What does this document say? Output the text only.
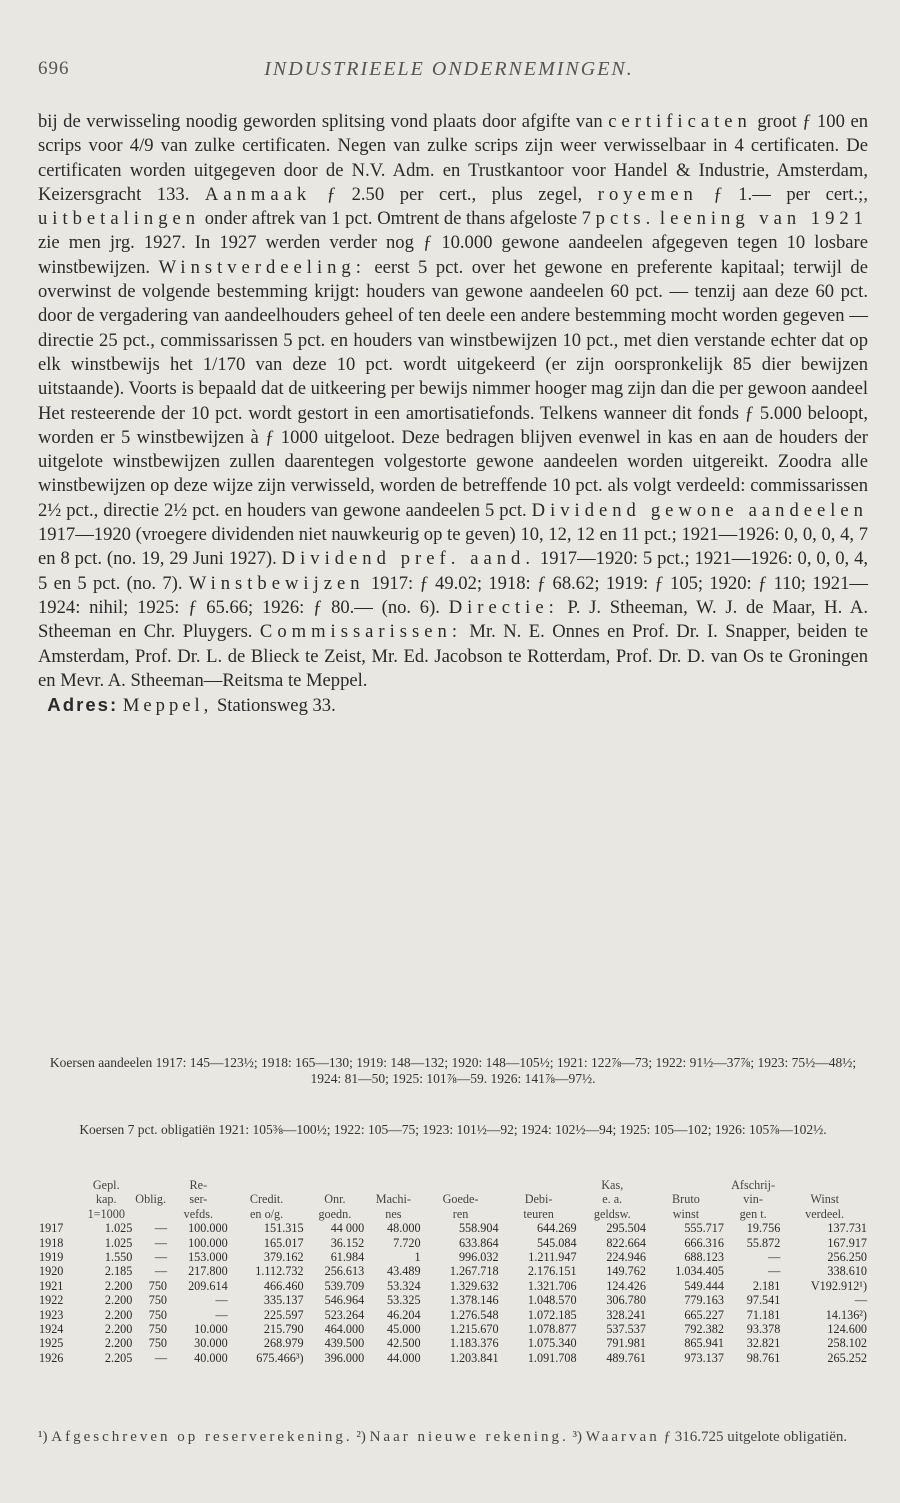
696	INDUSTRIEELE ONDERNEMINGEN.

bij de verwisseling noodig geworden splitsing vond plaats door afgifte van certificaten groot ƒ 100 en scrips voor 4/9 van zulke certificaten. Negen van zulke scrips zijn weer verwisselbaar in 4 certificaten. De certificaten worden uitgegeven door de N.V. Adm. en Trustkantoor voor Handel & Industrie, Amsterdam, Keizersgracht 133. Aanmaak ƒ 2.50 per cert., plus zegel, royemen ƒ 1.— per cert.;, uitbetalingen onder aftrek van 1 pct. Omtrent de thans afgeloste 7 pcts. leening van 1921 zie men jrg. 1927. In 1927 werden verder nog ƒ 10.000 gewone aandeelen afgegeven tegen 10 losbare winstbewijzen. Winstverdeeling: eerst 5 pct. over het gewone en preferente kapitaal; terwijl de overwinst de volgende bestemming krijgt: houders van gewone aandeelen 60 pct. — tenzij aan deze 60 pct. door de vergadering van aandeelhouders geheel of ten deele een andere bestemming mocht worden gegeven — directie 25 pct., commissarissen 5 pct. en houders van winstbewijzen 10 pct., met dien verstande echter dat op elk winstbewijs het 1/170 van deze 10 pct. wordt uitgekeerd (er zijn oorspronkelijk 85 dier bewijzen uitstaande). Voorts is bepaald dat de uitkeering per bewijs nimmer hooger mag zijn dan die per gewoon aandeel Het resteerende der 10 pct. wordt gestort in een amortisatiefonds. Telkens wanneer dit fonds ƒ 5.000 beloopt, worden er 5 winstbewijzen à ƒ 1000 uitgeloot. Deze bedragen blijven evenwel in kas en aan de houders der uitgelote winstbewijzen zullen daarentegen volgestorte gewone aandeelen worden uitgereikt. Zoodra alle winstbewijzen op deze wijze zijn verwisseld, worden de betreffende 10 pct. als volgt verdeeld: commissarissen 2½ pct., directie 2½ pct. en houders van gewone aandeelen 5 pct. Dividend gewone aandeelen 1917—1920 (vroegere dividenden niet nauwkeurig op te geven) 10, 12, 12 en 11 pct.; 1921—1926: 0, 0, 0, 4, 7 en 8 pct. (no. 19, 29 Juni 1927). Dividend pref. aand. 1917—1920: 5 pct.; 1921—1926: 0, 0, 0, 4, 5 en 5 pct. (no. 7). Winstbewijzen 1917: ƒ 49.02; 1918: ƒ 68.62; 1919: ƒ 105; 1920: ƒ 110; 1921—1924: nihil; 1925: ƒ 65.66; 1926: ƒ 80.— (no. 6). Directie: P. J. Stheeman, W. J. de Maar, H. A. Stheeman en Chr. Pluygers. Commissarissen: Mr. N. E. Onnes en Prof. Dr. I. Snapper, beiden te Amsterdam, Prof. Dr. L. de Blieck te Zeist, Mr. Ed. Jacobson te Rotterdam, Prof. Dr. D. van Os te Groningen en Mevr. A. Stheeman—Reitsma te Meppel.

Adres: Meppel, Stationsweg 33.

Koersen aandeelen 1917: 145—123½; 1918: 165—130; 1919: 148—132; 1920: 148—105½; 1921: 122⅞—73; 1922: 91½—37⅞; 1923: 75½—48½; 1924: 81—50; 1925: 101⅞—59. 1926: 141⅞—97½.
Koersen 7 pct. obligatiën 1921: 105⅜—100½; 1922: 105—75; 1923: 101½—92; 1924: 102½—94; 1925: 105—102; 1926: 105⅞—102½.
	Gepl.		Re-						Kas,		Afschrij-	
	kap.	Oblig.	ser-	Credit.	Onr.	Machi-	Goede-	Debi-	e. a.	Bruto	vin-	Winst
	1=1000		vefds.	en o/g.	goedn.	nes	ren	teuren	geldsw.	winst	gen t.	verdeel.
1917	1.025	—	100.000	151.315	44 000	48.000	558.904	644.269	295.504	555.717	19.756	137.731
1918	1.025	—	100.000	165.017	36.152	7.720	633.864	545.084	822.664	666.316	55.872	167.917
1919	1.550	—	153.000	379.162	61.984	1	996.032	1.211.947	224.946	688.123	—	256.250
1920	2.185	—	217.800	1.112.732	256.613	43.489	1.267.718	2.176.151	149.762	1.034.405	—	338.610
1921	2.200	750	209.614	466.460	539.709	53.324	1.329.632	1.321.706	124.426	549.444	2.181	V192.912¹)
1922	2.200	750	—	335.137	546.964	53.325	1.378.146	1.048.570	306.780	779.163	97.541	—
1923	2.200	750	—	225.597	523.264	46.204	1.276.548	1.072.185	328.241	665.227	71.181	14.136²)
1924	2.200	750	10.000	215.790	464.000	45.000	1.215.670	1.078.877	537.537	792.382	93.378	124.600
1925	2.200	750	30.000	268.979	439.500	42.500	1.183.376	1.075.340	791.981	865.941	32.821	258.102
1926	2.205	—	40.000	675.466³)	396.000	44.000	1.203.841	1.091.708	489.761	973.137	98.761	265.252
¹) Afgeschreven op reserverekening. ²) Naar nieuwe rekening. ³) Waarvan ƒ 316.725 uitgelote obligatiën.
